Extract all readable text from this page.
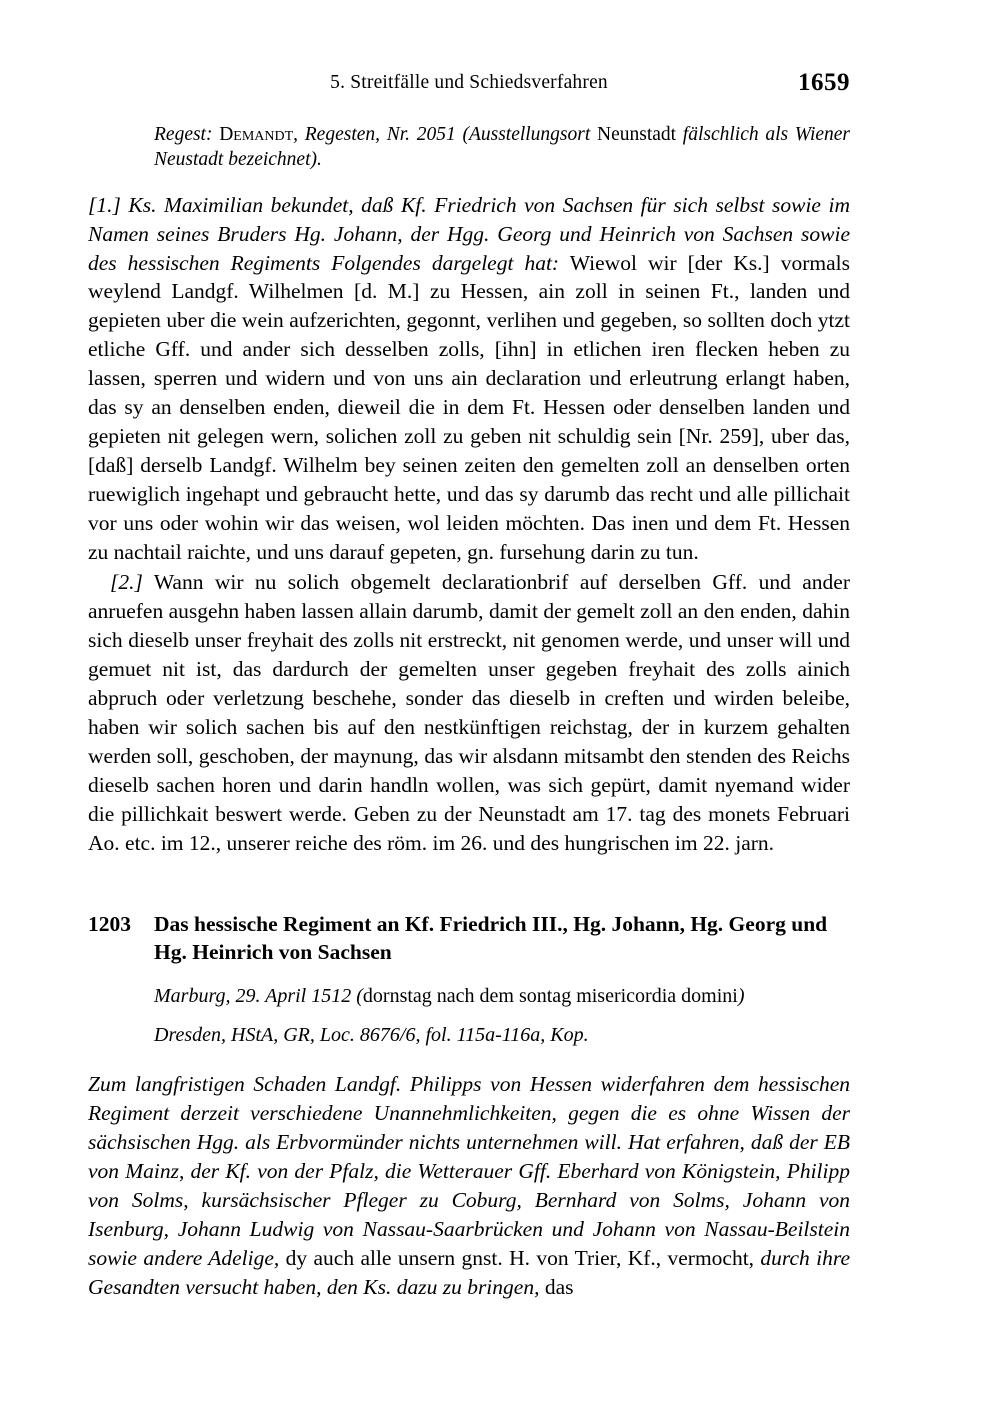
5. Streitfälle und Schiedsverfahren	1659

Regest: Demandt, Regesten, Nr. 2051 (Ausstellungsort Neunstadt fälschlich als Wiener Neustadt bezeichnet).

[1.] Ks. Maximilian bekundet, daß Kf. Friedrich von Sachsen für sich selbst sowie im Namen seines Bruders Hg. Johann, der Hgg. Georg und Heinrich von Sachsen sowie des hessischen Regiments Folgendes dargelegt hat: Wiewol wir [der Ks.] vormals weylend Landgf. Wilhelmen [d. M.] zu Hessen, ain zoll in seinen Ft., landen und gepieten uber die wein aufzerichten, gegonnt, verlihen und gegeben, so sollten doch ytzt etliche Gff. und ander sich desselben zolls, [ihn] in etlichen iren flecken heben zu lassen, sperren und widern und von uns ain declaration und erleutrung erlangt haben, das sy an denselben enden, dieweil die in dem Ft. Hessen oder denselben landen und gepieten nit gelegen wern, solichen zoll zu geben nit schuldig sein [Nr. 259], uber das, [daß] derselb Landgf. Wilhelm bey seinen zeiten den gemelten zoll an denselben orten ruewiglich ingehapt und gebraucht hette, und das sy darumb das recht und alle pillichait vor uns oder wohin wir das weisen, wol leiden möchten. Das inen und dem Ft. Hessen zu nachtail raichte, und uns darauf gepeten, gn. fursehung darin zu tun.

[2.] Wann wir nu solich obgemelt declarationbrif auf derselben Gff. und ander anruefen ausgehn haben lassen allain darumb, damit der gemelt zoll an den enden, dahin sich dieselb unser freyhait des zolls nit erstreckt, nit genomen werde, und unser will und gemuet nit ist, das dardurch der gemelten unser gegeben freyhait des zolls ainich abpruch oder verletzung beschehe, sonder das dieselb in creften und wirden beleibe, haben wir solich sachen bis auf den nestkünftigen reichstag, der in kurzem gehalten werden soll, geschoben, der maynung, das wir alsdann mitsambt den stenden des Reichs dieselb sachen horen und darin handln wollen, was sich gepürt, damit nyemand wider die pillichkait beswert werde. Geben zu der Neunstadt am 17. tag des monets Februari Ao. etc. im 12., unserer reiche des röm. im 26. und des hungrischen im 22. jarn.

1203	Das hessische Regiment an Kf. Friedrich III., Hg. Johann, Hg. Georg und Hg. Heinrich von Sachsen
Marburg, 29. April 1512 (dornstag nach dem sontag misericordia domini)
Dresden, HStA, GR, Loc. 8676/6, fol. 115a-116a, Kop.

Zum langfristigen Schaden Landgf. Philipps von Hessen widerfahren dem hessischen Regiment derzeit verschiedene Unannehmlichkeiten, gegen die es ohne Wissen der sächsischen Hgg. als Erbvormünder nichts unternehmen will. Hat erfahren, daß der EB von Mainz, der Kf. von der Pfalz, die Wetterauer Gff. Eberhard von Königstein, Philipp von Solms, kursächsischer Pfleger zu Coburg, Bernhard von Solms, Johann von Isenburg, Johann Ludwig von Nassau-Saarbrücken und Johann von Nassau-Beilstein sowie andere Adelige, dy auch alle unsern gnst. H. von Trier, Kf., vermocht, durch ihre Gesandten versucht haben, den Ks. dazu zu bringen, das
